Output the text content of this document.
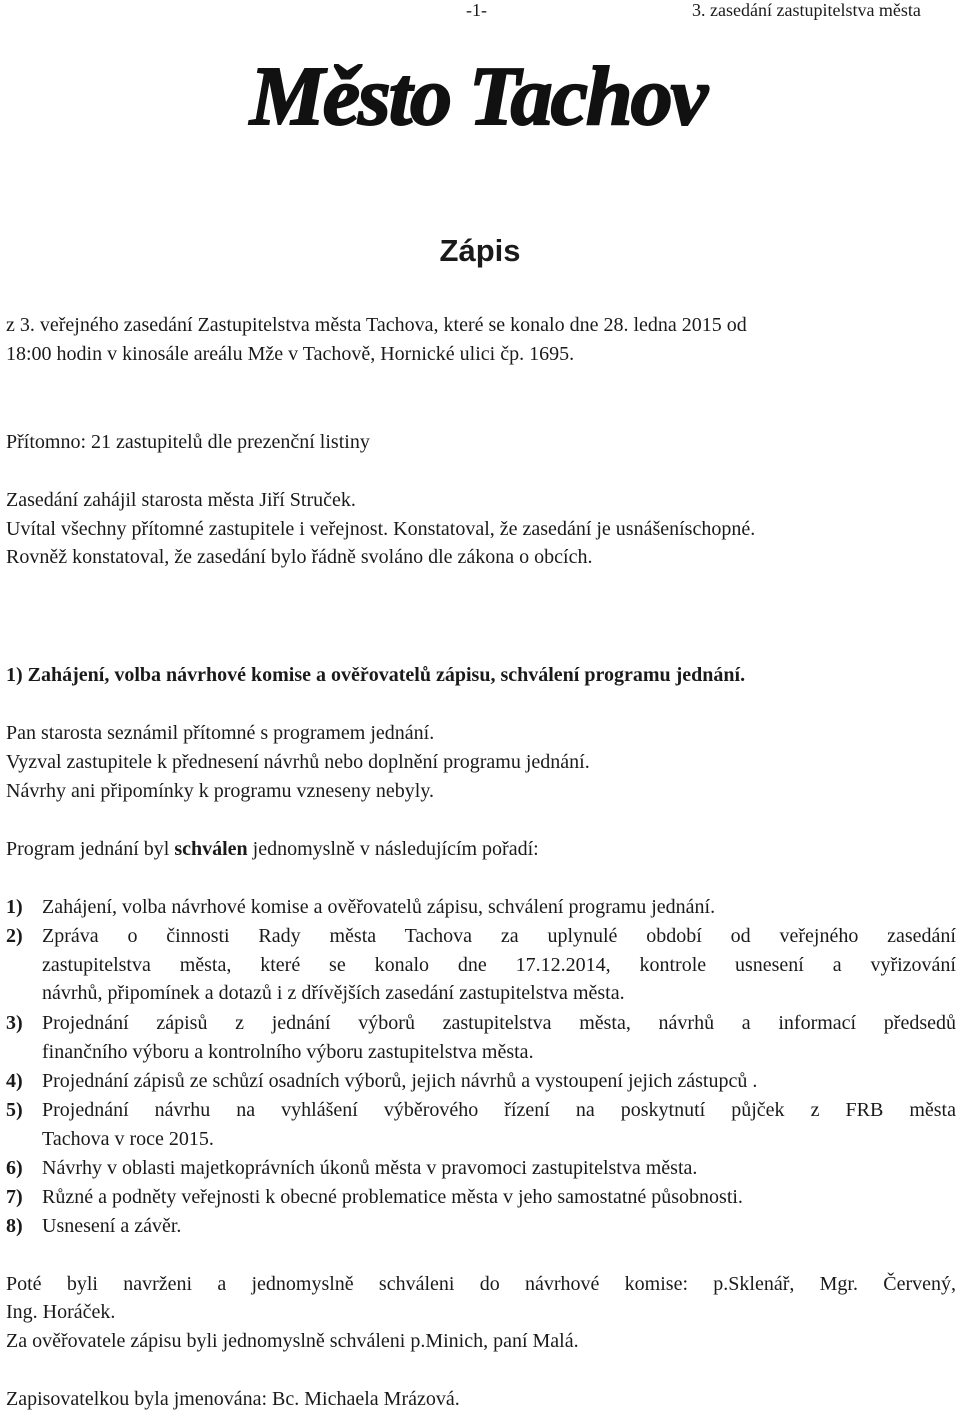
-1-	3. zasedání zastupitelstva města
Město Tachov
Zápis
z 3. veřejného zasedání Zastupitelstva města Tachova, které se konalo dne 28. ledna 2015 od
18:00 hodin v kinosále areálu Mže v Tachově, Hornické ulici čp. 1695.
Přítomno: 21 zastupitelů dle prezenční listiny
Zasedání zahájil starosta města Jiří Struček.
Uvítal všechny přítomné zastupitele i veřejnost. Konstatoval, že zasedání je usnášeníschopné.
Rovněž konstatoval, že zasedání bylo řádně svoláno dle zákona o obcích.
1) Zahájení, volba návrhové komise a ověřovatelů zápisu, schválení programu jednání.
Pan starosta seznámil přítomné s programem jednání.
Vyzval zastupitele k přednesení návrhů nebo doplnění programu jednání.
Návrhy ani připomínky k programu vzneseny nebyly.
Program jednání byl schválen jednomyslně v následujícím pořadí:
1) Zahájení, volba návrhové komise a ověřovatelů zápisu, schválení programu jednání.
2) Zpráva o činnosti Rady města Tachova za uplynulé období od veřejného zasedání
zastupitelstva města, které se konalo dne 17.12.2014, kontrole usnesení a vyřizování
návrhů, připomínek a dotazů i z dřívějších zasedání zastupitelstva města.
3) Projednání zápisů z jednání výborů zastupitelstva města, návrhů a informací předsedů
finančního výboru a kontrolního výboru zastupitelstva města.
4) Projednání zápisů ze schůzí osadních výborů, jejich návrhů a vystoupení jejich zástupců .
5) Projednání návrhu na vyhlášení výběrového řízení na poskytnutí půjček z FRB města
Tachova v roce 2015.
6) Návrhy v oblasti majetkoprávních úkonů města v pravomoci zastupitelstva města.
7) Různé a podněty veřejnosti k obecné problematice města v jeho samostatné působnosti.
8) Usnesení a závěr.
Poté byli navrženi a jednomyslně schváleni do návrhové komise: p.Sklenář, Mgr. Červený,
Ing. Horáček.
Za ověřovatele zápisu byli jednomyslně schváleni p.Minich, paní Malá.
Zapisovatelkou byla jmenována: Bc. Michaela Mrázová.
